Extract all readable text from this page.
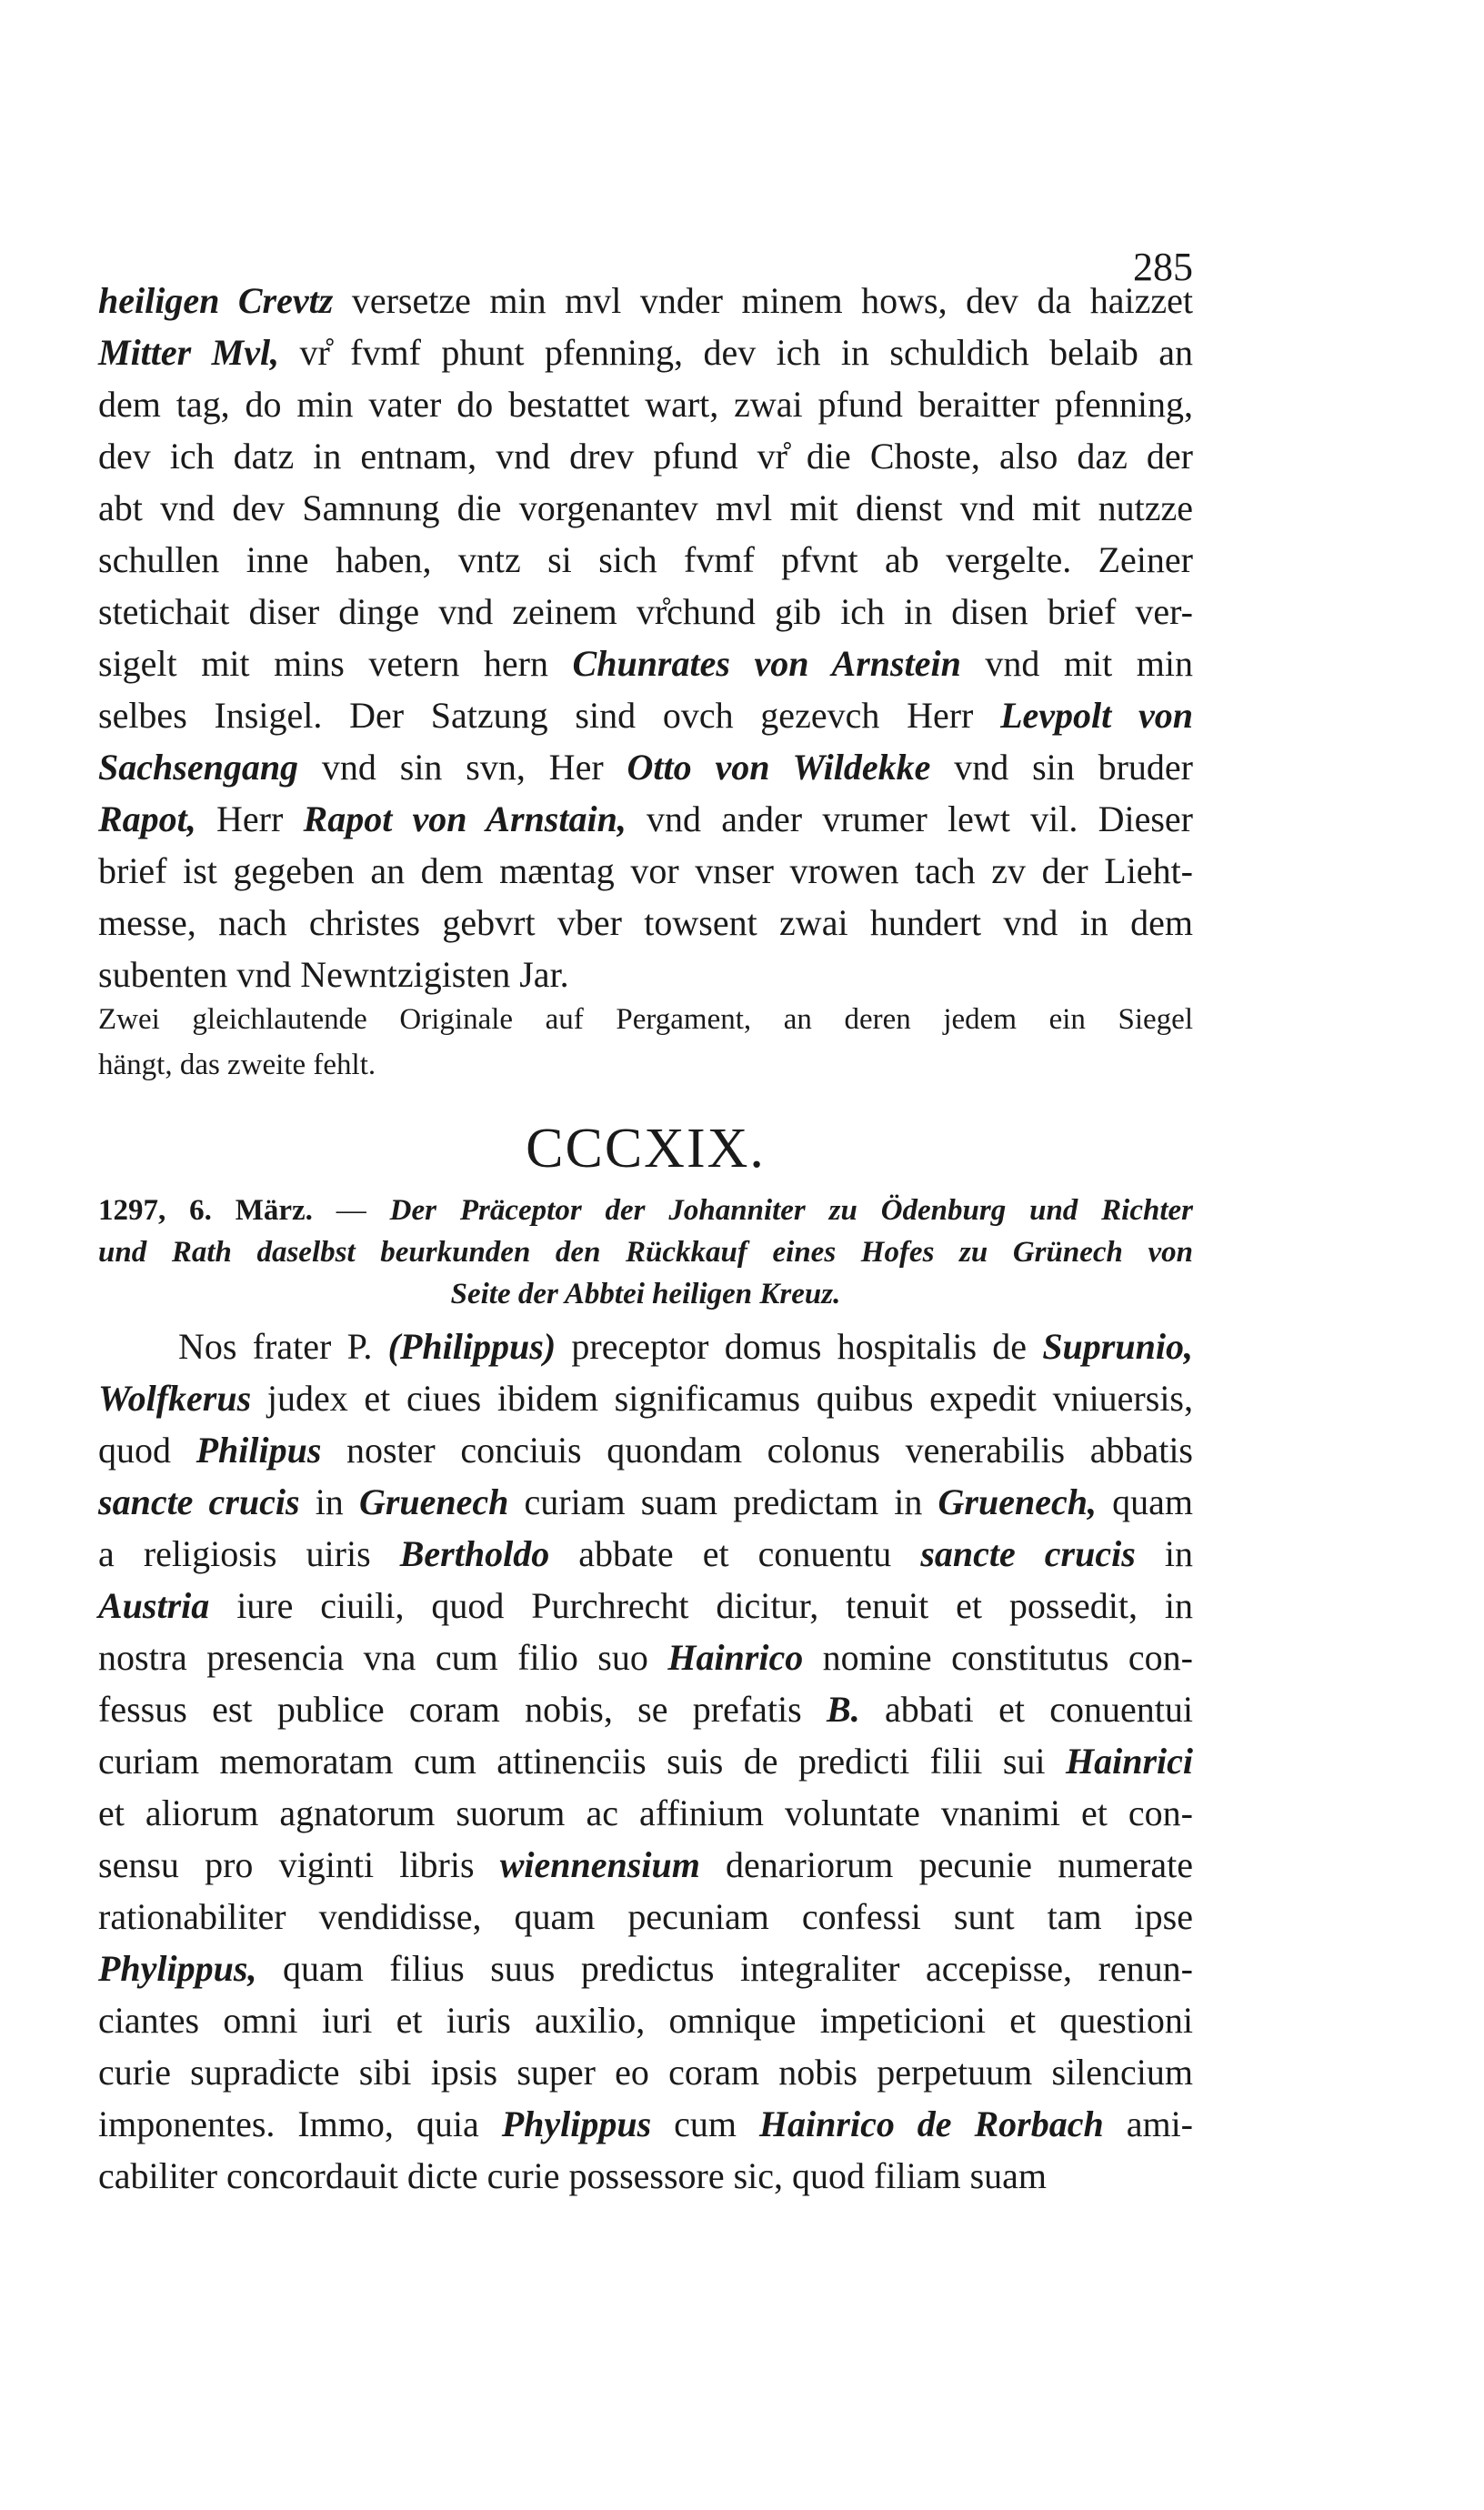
285
heiligen Crevtz versetze min mvl vnder minem hows, dev da haizzet
Mitter Mvl, vr̊ fvmf phunt pfenning, dev ich in schuldich belaib an
dem tag, do min vater do bestattet wart, zwai pfund beraitter pfenning,
dev ich datz in entnam, vnd drev pfund vr̊ die Choste, also daz der
abt vnd dev Samnung die vorgenantev mvl mit dienst vnd mit nutzze
schullen inne haben, vntz si sich fvmf pfvnt ab vergelte. Zeiner
stetichait diser dinge vnd zeinem vr̊chund gib ich in disen brief ver-
sigelt mit mins vetern hern Chunrates von Arnstein vnd mit min
selbes Insigel. Der Satzung sind ovch gezevch Herr Levpolt von
Sachsengang vnd sin svn, Her Otto von Wildekke vnd sin bruder
Rapot, Herr Rapot von Arnstain, vnd ander vrumer lewt vil. Dieser
brief ist gegeben an dem mæntag vor vnser vrowen tach zv der Lieht-
messe, nach christes gebvrt vber towsent zwai hundert vnd in dem
subenten vnd Newntzigisten Jar.
Zwei gleichlautende Originale auf Pergament, an deren jedem ein Siegel
hängt, das zweite fehlt.
CCCXIX.
1297, 6. März. — Der Präceptor der Johanniter zu Ödenburg und Richter
und Rath daselbst beurkunden den Rückkauf eines Hofes zu Grünech von
Seite der Abbtei heiligen Kreuz.
Nos frater P. (Philippus) preceptor domus hospitalis de Suprunio,
Wolfkerus judex et ciues ibidem significamus quibus expedit vniuersis,
quod Philipus noster conciuis quondam colonus venerabilis abbatis
sancte crucis in Gruenech curiam suam predictam in Gruenech, quam
a religiosis uiris Bertholdo abbate et conuentu sancte crucis in
Austria iure ciuili, quod Purchrecht dicitur, tenuit et possedit, in
nostra presencia vna cum filio suo Hainrico nomine constitutus con-
fessus est publice coram nobis, se prefatis B. abbati et conuentui
curiam memoratam cum attinenciis suis de predicti filii sui Hainrici
et aliorum agnatorum suorum ac affinium voluntate vnanimi et con-
sensu pro viginti libris wiennensium denariorum pecunie numerate
rationabiliter vendidisse, quam pecuniam confessi sunt tam ipse
Phylippus, quam filius suus predictus integraliter accepisse, renun-
ciantes omni iuri et iuris auxilio, omnique impeticioni et questioni
curie supradicte sibi ipsis super eo coram nobis perpetuum silencium
imponentes. Immo, quia Phylippus cum Hainrico de Rorbach ami-
cabiliter concordauit dicte curie possessore sic, quod filiam suam
